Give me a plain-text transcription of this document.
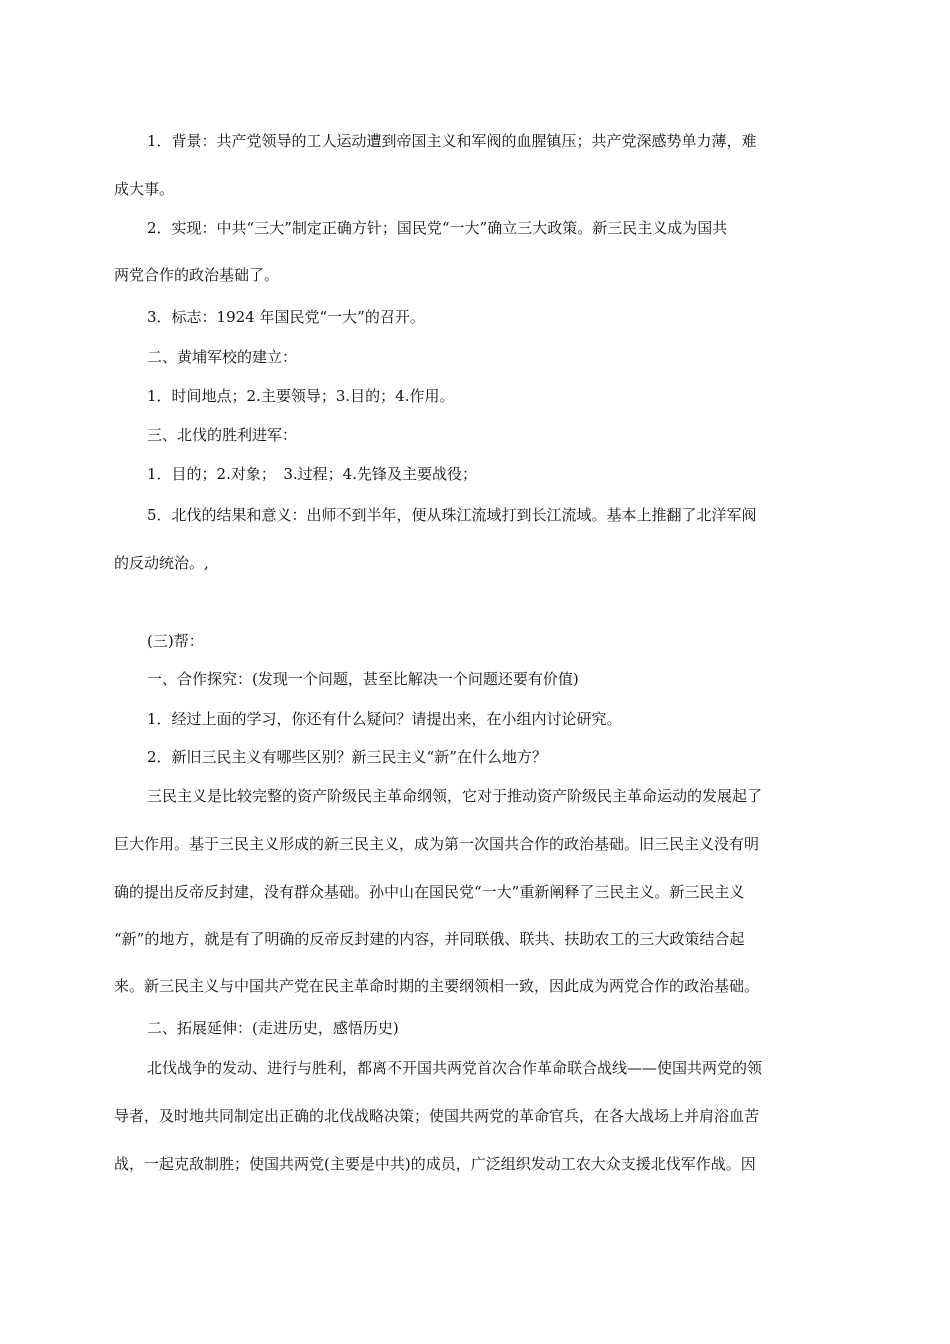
1．背景：共产党领导的工人运动遭到帝国主义和军阀的血腥镇压；共产党深感势单力薄，难
成大事。
2．实现：中共“三大”制定正确方针；国民党“一大”确立三大政策。新三民主义成为国共
两党合作的政治基础了。
3．标志：1924 年国民党“一大”的召开。
二、黄埔军校的建立：
1．时间地点；2.主要领导；3.目的；4.作用。
三、北伐的胜利进军：
1．目的；2.对象；　3.过程；4.先锋及主要战役；
5．北伐的结果和意义：出师不到半年，便从珠江流域打到长江流域。基本上推翻了北洋军阀
的反动统治。,
(三)帮：
一、合作探究：(发现一个问题，甚至比解决一个问题还要有价值)
1．经过上面的学习，你还有什么疑问？请提出来，在小组内讨论研究。
2．新旧三民主义有哪些区别？新三民主义“新”在什么地方？
三民主义是比较完整的资产阶级民主革命纲领，它对于推动资产阶级民主革命运动的发展起了
巨大作用。基于三民主义形成的新三民主义，成为第一次国共合作的政治基础。旧三民主义没有明
确的提出反帝反封建，没有群众基础。孙中山在国民党“一大”重新阐释了三民主义。新三民主义
“新”的地方，就是有了明确的反帝反封建的内容，并同联俄、联共、扶助农工的三大政策结合起
来。新三民主义与中国共产党在民主革命时期的主要纲领相一致，因此成为两党合作的政治基础。
二、拓展延伸：(走进历史，感悟历史)
北伐战争的发动、进行与胜利，都离不开国共两党首次合作革命联合战线——使国共两党的领
导者，及时地共同制定出正确的北伐战略决策；使国共两党的革命官兵，在各大战场上并肩浴血苦
战，一起克敌制胜；使国共两党(主要是中共)的成员，广泛组织发动工农大众支援北伐军作战。因
